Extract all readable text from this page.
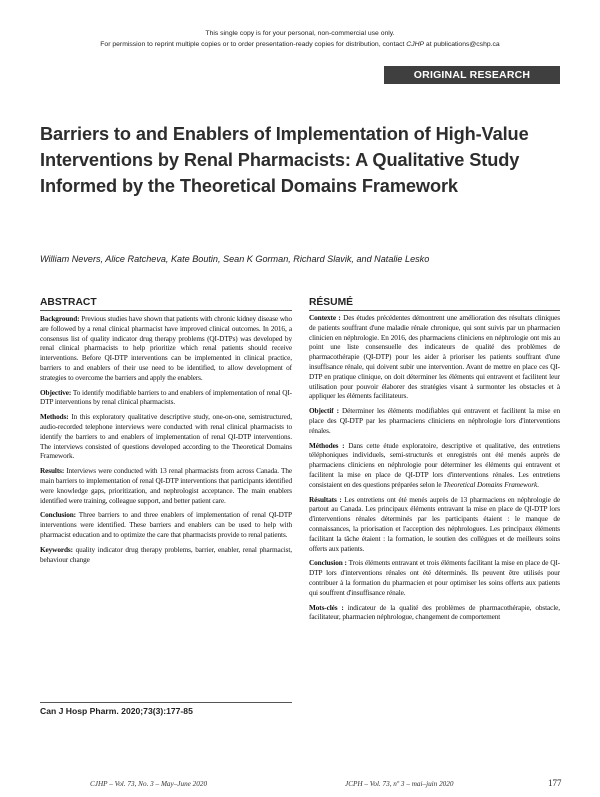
This single copy is for your personal, non-commercial use only.
For permission to reprint multiple copies or to order presentation-ready copies for distribution, contact CJHP at publications@cshp.ca
ORIGINAL RESEARCH
Barriers to and Enablers of Implementation of High-Value Interventions by Renal Pharmacists: A Qualitative Study Informed by the Theoretical Domains Framework
William Nevers, Alice Ratcheva, Kate Boutin, Sean K Gorman, Richard Slavik, and Natalie Lesko
ABSTRACT

Background: Previous studies have shown that patients with chronic kidney disease who are followed by a renal clinical pharmacist have improved clinical outcomes. In 2016, a consensus list of quality indicator drug therapy problems (QI-DTPs) was developed by renal clinical pharmacists to help prioritize which renal patients should receive interventions. Before QI-DTP interventions can be implemented in clinical practice, barriers to and enablers of their use need to be identified, to allow development of strategies to overcome the barriers and apply the enablers.

Objective: To identify modifiable barriers to and enablers of implementation of renal QI-DTP interventions by renal clinical pharmacists.

Methods: In this exploratory qualitative descriptive study, one-on-one, semistructured, audio-recorded telephone interviews were conducted with renal clinical pharmacists to identify the barriers to and enablers of implementation of renal QI-DTP interventions. The interviews consisted of questions developed according to the Theoretical Domains Framework.

Results: Interviews were conducted with 13 renal pharmacists from across Canada. The main barriers to implementation of renal QI-DTP interventions that participants identified were knowledge gaps, prioritization, and nephrologist acceptance. The main enablers identified were training, colleague support, and better patient care.

Conclusion: Three barriers to and three enablers of implementation of renal QI-DTP interventions were identified. These barriers and enablers can be used to help with pharmacist education and to optimize the care that pharmacists provide to renal patients.

Keywords: quality indicator drug therapy problems, barrier, enabler, renal pharmacist, behaviour change

Can J Hosp Pharm. 2020;73(3):177-85
RÉSUMÉ

Contexte : Des études précédentes démontrent une amélioration des résultats cliniques de patients souffrant d'une maladie rénale chronique, qui sont suivis par un pharmacien clinicien en néphrologie. En 2016, des pharmaciens cliniciens en néphrologie ont mis au point une liste consensuelle des indicateurs de qualité des problèmes de pharmacothérapie (QI-DTP) pour les aider à prioriser les patients souffrant d'une insuffisance rénale, qui doivent subir une intervention. Avant de mettre en place ces QI-DTP en pratique clinique, on doit déterminer les éléments qui entravent et facilitent leur utilisation pour pouvoir élaborer des stratégies visant à surmonter les obstacles et à appliquer les éléments facilitateurs.

Objectif : Déterminer les éléments modifiables qui entravent et facilitent la mise en place des QI-DTP par les pharmaciens cliniciens en néphrologie lors d'interventions rénales.

Méthodes : Dans cette étude exploratoire, descriptive et qualitative, des entretiens téléphoniques individuels, semi-structurés et enregistrés ont été menés auprès de pharmaciens cliniciens en néphrologie pour déterminer les éléments qui entravent et facilitent la mise en place de QI-DTP lors d'interventions rénales. Les entretiens consistaient en des questions préparées selon le Theoretical Domains Framework.

Résultats : Les entretiens ont été menés auprès de 13 pharmaciens en néphrologie de partout au Canada. Les principaux éléments entravant la mise en place de QI-DTP lors d'interventions rénales déterminés par les participants étaient : le manque de connaissances, la priorisation et l'acception des néphrologues. Les principaux éléments facilitant la tâche étaient : la formation, le soutien des collègues et de meilleurs soins offerts aux patients.

Conclusion : Trois éléments entravant et trois éléments facilitant la mise en place de QI-DTP lors d'interventions rénales ont été déterminés. Ils peuvent être utilisés pour contribuer à la formation du pharmacien et pour optimiser les soins offerts aux patients qui souffrent d'insuffisance rénale.

Mots-clés : indicateur de la qualité des problèmes de pharmacothérapie, obstacle, facilitateur, pharmacien néphrologue, changement de comportement

CJHP – Vol. 73, No. 3 – May–June 2020	JCPH – Vol. 73, nº 3 – mai–juin 2020	177
